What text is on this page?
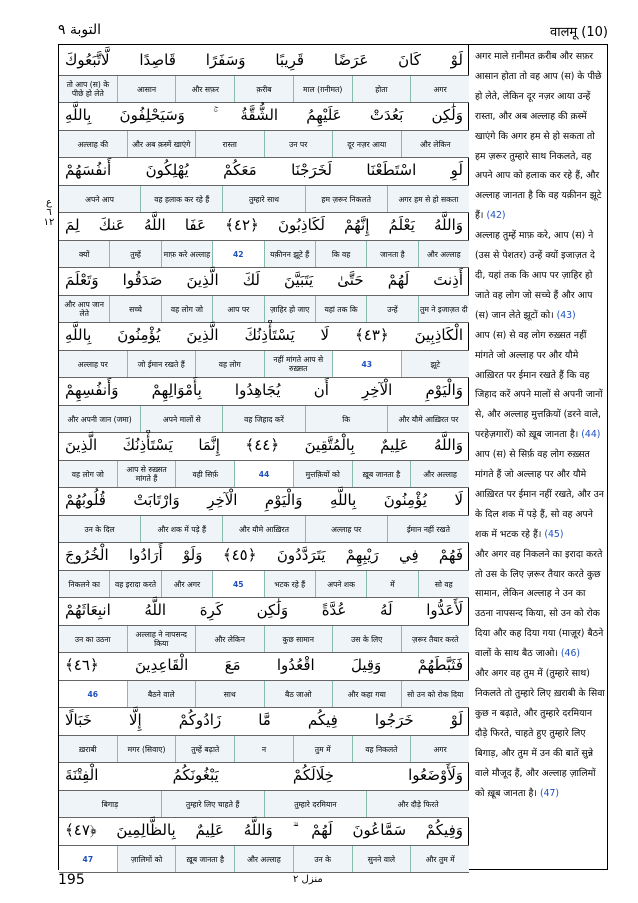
التوبة ٩	वालमू (10)
ع
٦
١٢
لَوْ كَانَ عَرَضًا قَرِيبًا وَسَفَرًا قَاصِدًا لَّاتَّبَعُوكَ
अगर
होता
माल (ग़नीमत)
क़रीब
और सफ़र
आसान
तो आप (स) के पीछे हो लेते
وَلَٰكِن بَعُدَتْ عَلَيْهِمُ الشُّقَّةُ ۚ وَسَيَحْلِفُونَ بِاللَّهِ
और लेकिन
दूर नज़र आया
उन पर
रास्ता
और अब क़स्में खाएंगे
अल्लाह की
لَوِ اسْتَطَعْنَا لَخَرَجْنَا مَعَكُمْ يُهْلِكُونَ أَنفُسَهُمْ
अगर हम से हो सकता
हम ज़रूर निकलते
तुम्हारे साथ
वह हलाक कर रहे हैं
अपने आप
وَاللَّهُ يَعْلَمُ إِنَّهُمْ لَكَاذِبُونَ ﴿٤٢﴾ عَفَا اللَّهُ عَنكَ لِمَ
और अल्लाह
जानता है
कि वह
यक़ीनन झूटे हैं
42
माफ़ करे अल्लाह
तुम्हें
क्यों
أَذِنتَ لَهُمْ حَتَّىٰ يَتَبَيَّنَ لَكَ الَّذِينَ صَدَقُوا وَتَعْلَمَ
तुम ने इजाज़त दी
उन्हें
यहां तक कि
ज़ाहिर हो जाए
आप पर
वह लोग जो
सच्चे
और आप जान लेते
الْكَاذِبِينَ ﴿٤٣﴾ لَا يَسْتَأْذِنُكَ الَّذِينَ يُؤْمِنُونَ بِاللَّهِ
झूटे
43
नहीं मांगते आप से रुख़्सत
वह लोग
जो ईमान रखते हैं
अल्लाह पर
وَالْيَوْمِ الْآخِرِ أَن يُجَاهِدُوا بِأَمْوَالِهِمْ وَأَنفُسِهِمْ
और यौमे आख़िरत पर
कि
वह जिहाद करें
अपने मालों से
और अपनी जान (जमा)
وَاللَّهُ عَلِيمٌ بِالْمُتَّقِينَ ﴿٤٤﴾ إِنَّمَا يَسْتَأْذِنُكَ الَّذِينَ
और अल्लाह
ख़ूब जानता है
मुत्तक़ियों को
44
वही सिर्फ़
आप से रुख़्सत मांगते हैं
वह लोग जो
لَا يُؤْمِنُونَ بِاللَّهِ وَالْيَوْمِ الْآخِرِ وَارْتَابَتْ قُلُوبُهُمْ
ईमान नहीं रखते
अल्लाह पर
और यौमे आख़िरत
और शक में पड़े हैं
उन के दिल
فَهُمْ فِي رَيْبِهِمْ يَتَرَدَّدُونَ ﴿٤٥﴾ وَلَوْ أَرَادُوا الْخُرُوجَ
सो वह
में
अपने शक
भटक रहे हैं
45
और अगर
वह इरादा करते
निकलने का
لَأَعَدُّوا لَهُ عُدَّةً وَلَٰكِن كَرِهَ اللَّهُ انبِعَاثَهُمْ
ज़रूर तैयार करते
उस के लिए
कुछ सामान
और लेकिन
अल्लाह ने नापसन्द किया
उन का उठना
فَثَبَّطَهُمْ وَقِيلَ اقْعُدُوا مَعَ الْقَاعِدِينَ ﴿٤٦﴾
सो उन को रोक दिया
और कहा गया
बैठ जाओ
साथ
बैठने वाले
46
لَوْ خَرَجُوا فِيكُم مَّا زَادُوكُمْ إِلَّا خَبَالًا
अगर
वह निकलते
तुम में
न
तुम्हें बढ़ाते
मगर (सिवाए)
ख़राबी
وَلَأَوْضَعُوا خِلَالَكُمْ يَبْغُونَكُمُ الْفِتْنَةَ
और दौड़े फिरते
तुम्हारे दरमियान
तुम्हारे लिए चाहते हैं
बिगाड़
وَفِيكُمْ سَمَّاعُونَ لَهُمْ ۗ وَاللَّهُ عَلِيمٌ بِالظَّالِمِينَ ﴿٤٧﴾
और तुम में
सुनने वाले
उन के
और अल्लाह
ख़ूब जानता है
ज़ालिमों को
47
अगर माले ग़नीमत क़रीब और सफ़र आसान होता तो वह आप (स) के पीछे हो लेते, लेकिन दूर नज़र आया उन्हें रास्ता, और अब अल्लाह की क़स्में खाएंगे कि अगर हम से हो सकता तो हम ज़रूर तुम्हारे साथ निकलते, वह अपने आप को हलाक कर रहे हैं, और अल्लाह जानता है कि वह यक़ीनन झूटे हैं। (42)
अल्लाह तुम्हें माफ़ करे, आप (स) ने (उस से पेशतर) उन्हें क्यों इजाज़त दे दी, यहां तक कि आप पर ज़ाहिर हो जाते वह लोग जो सच्चे हैं और आप (स) जान लेते झूटों को। (43)
आप (स) से वह लोग रुख़्सत नहीं मांगते जो अल्लाह पर और यौमे आख़िरत पर ईमान रखते हैं कि वह जिहाद करें अपने मालों से अपनी जानों से, और अल्लाह मुत्तक़ियों (डरने वाले, परहेज़गारों) को ख़ूब जानता है। (44)
आप (स) से सिर्फ़ वह लोग रुख़्सत मांगते हैं जो अल्लाह पर और यौमे आख़िरत पर ईमान नहीं रखते, और उन के दिल शक में पड़े हैं, सो वह अपने शक में भटक रहे हैं। (45)
और अगर वह निकलने का इरादा करते तो उस के लिए ज़रूर तैयार करते कुछ सामान, लेकिन अल्लाह ने उन का उठना नापसन्द किया, सो उन को रोक दिया और कह दिया गया (माज़ूर) बैठने वालों के साथ बैठ जाओ। (46)
और अगर वह तुम में (तुम्हारे साथ) निकलते तो तुम्हारे लिए ख़राबी के सिवा कुछ न बढ़ाते, और तुम्हारे दरमियान दौड़े फिरते, चाहते हुए तुम्हारे लिए बिगाड़, और तुम में उन की बातें सुन्ने वाले मौजूद हैं, और अल्लाह ज़ालिमों को ख़ूब जानता है। (47)
195	منزل ٢
